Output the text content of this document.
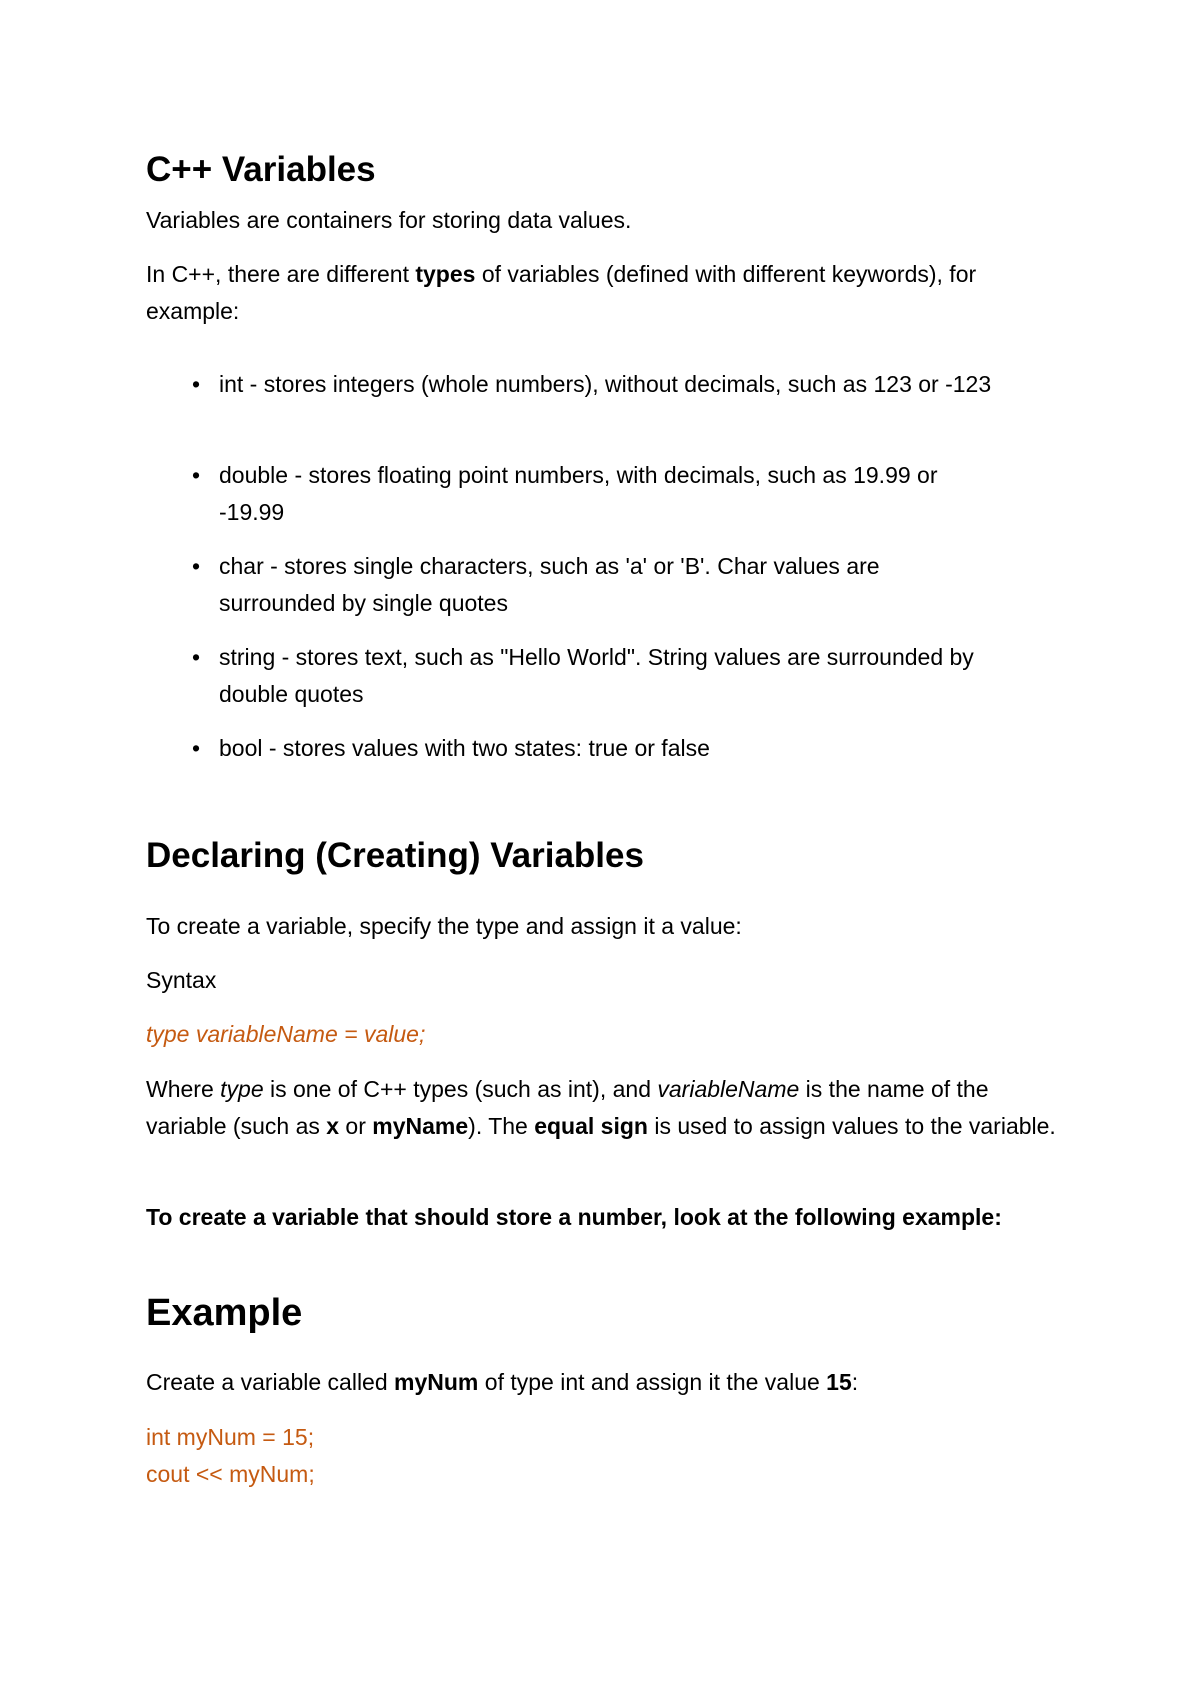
C++ Variables

Variables are containers for storing data values.

In C++, there are different types of variables (defined with different keywords), for example:

• int - stores integers (whole numbers), without decimals, such as 123 or -123
• double - stores floating point numbers, with decimals, such as 19.99 or -19.99
• char - stores single characters, such as 'a' or 'B'. Char values are surrounded by single quotes
• string - stores text, such as "Hello World". String values are surrounded by double quotes
• bool - stores values with two states: true or false
Declaring (Creating) Variables

To create a variable, specify the type and assign it a value:

Syntax

type variableName = value;

Where type is one of C++ types (such as int), and variableName is the name of the variable (such as x or myName). The equal sign is used to assign values to the variable.

To create a variable that should store a number, look at the following example:

Example

Create a variable called myNum of type int and assign it the value 15:

int myNum = 15;

cout << myNum;
